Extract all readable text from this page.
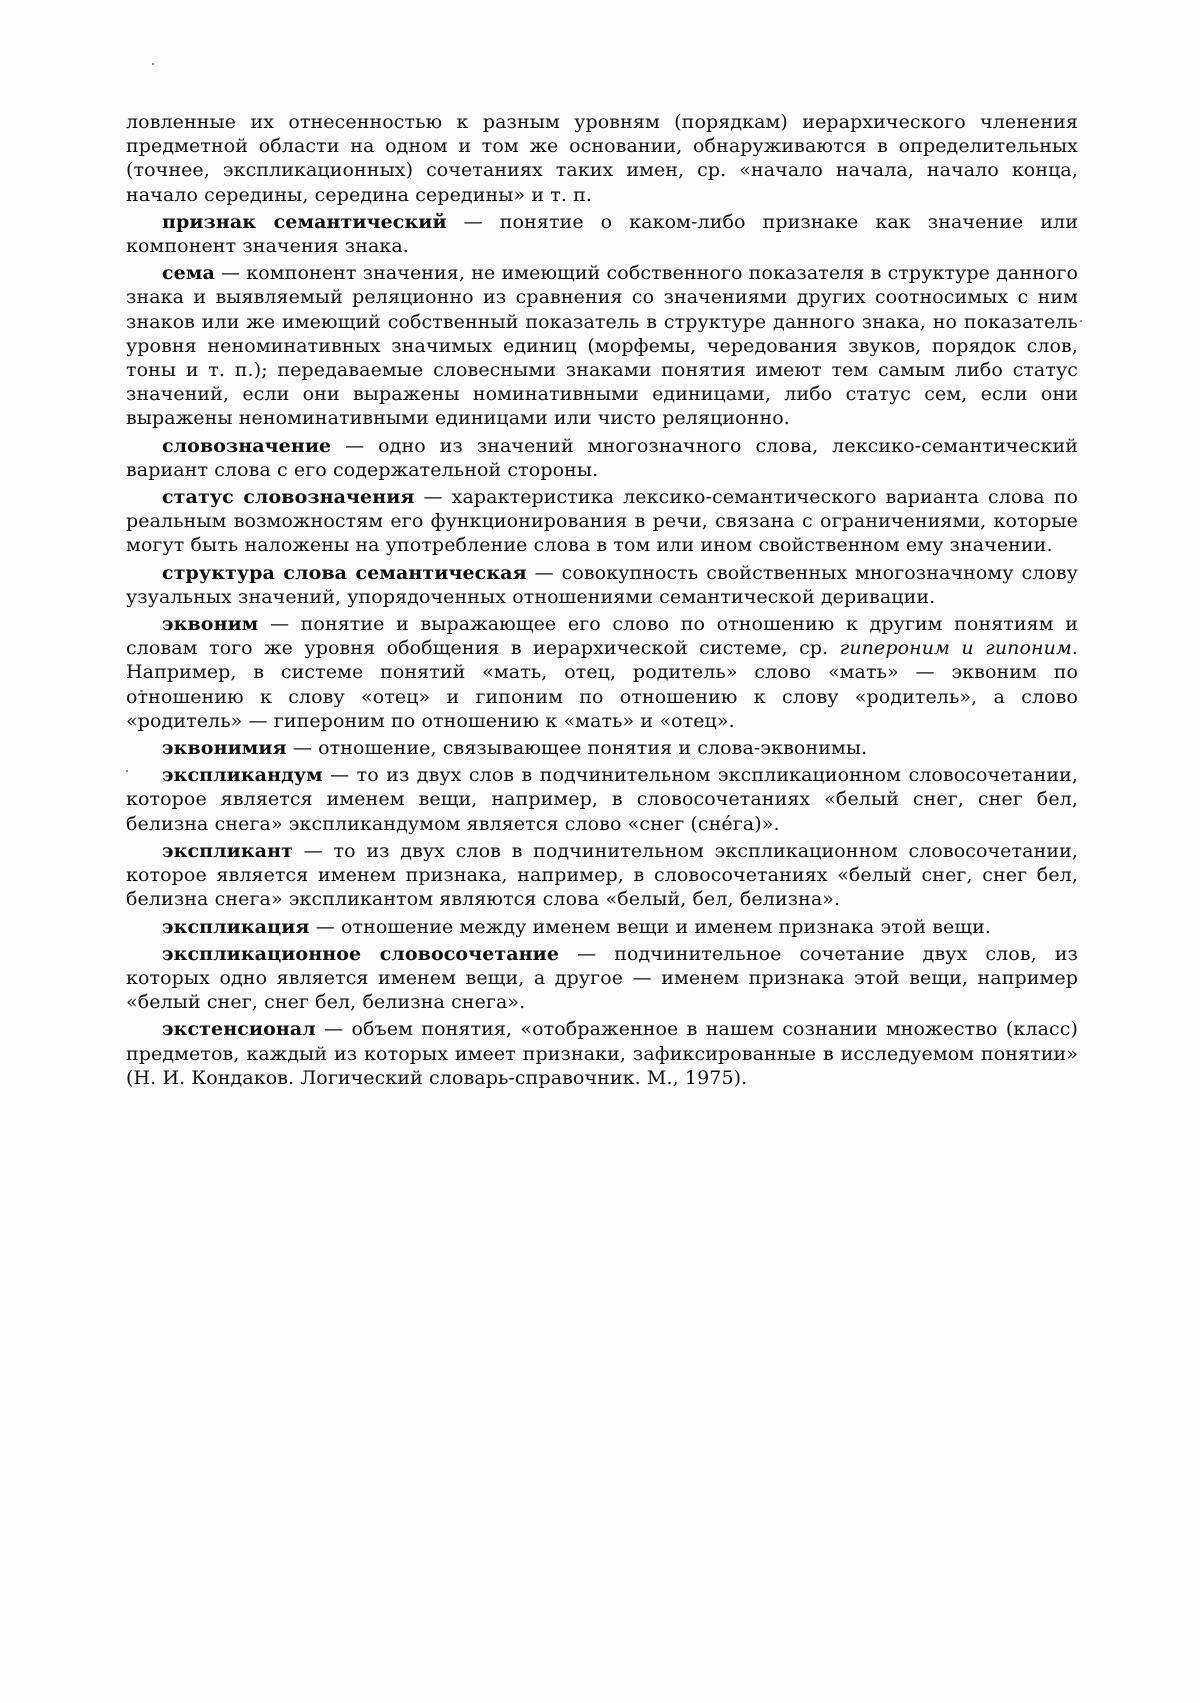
ловленные их отнесенностью к разным уровням (порядкам) иерархического членения предметной области на одном и том же основании, обнаруживаются в определительных (точнее, экспликационных) сочетаниях таких имен, ср. «начало начала, начало конца, начало середины, середина середины» и т. п.

признак семантический — понятие о каком-либо признаке как значение или компонент значения знака.

сема — компонент значения, не имеющий собственного показателя в структуре данного знака и выявляемый реляционно из сравнения со значениями других соотносимых с ним знаков или же имеющий собственный показатель в структуре данного знака, но показатель уровня неноминативных значимых единиц (морфемы, чередования звуков, порядок слов, тоны и т. п.); передаваемые словесными знаками понятия имеют тем самым либо статус значений, если они выражены номинативными единицами, либо статус сем, если они выражены неноминативными единицами или чисто реляционно.

словозначение — одно из значений многозначного слова, лексико-семантический вариант слова с его содержательной стороны.

статус словозначения — характеристика лексико-семантического варианта слова по реальным возможностям его функционирования в речи, связана с ограничениями, которые могут быть наложены на употребление слова в том или ином свойственном ему значении.

структура слова семантическая — совокупность свойственных многозначному слову узуальных значений, упорядоченных отношениями семантической деривации.

эквоним — понятие и выражающее его слово по отношению к другим понятиям и словам того же уровня обобщения в иерархической системе, ср. гипероним и гипоним. Например, в системе понятий «мать, отец, родитель» слово «мать» — эквоним по отношению к слову «отец» и гипоним по отношению к слову «родитель», а слово «родитель» — гипероним по отношению к «мать» и «отец».

эквонимия — отношение, связывающее понятия и слова-эквонимы.

экспликандум — то из двух слов в подчинительном экспликационном словосочетании, которое является именем вещи, например, в словосочетаниях «белый снег, снег бел, белизна снега» экспликандумом является слово «снег (снéга)».

экспликант — то из двух слов в подчинительном экспликационном словосочетании, которое является именем признака, например, в словосочетаниях «белый снег, снег бел, белизна снега» экспликантом являются слова «белый, бел, белизна».

экспликация — отношение между именем вещи и именем признака этой вещи.

экспликационное словосочетание — подчинительное сочетание двух слов, из которых одно является именем вещи, а другое — именем признака этой вещи, например «белый снег, снег бел, белизна снега».

экстенсионал — объем понятия, «отображенное в нашем сознании множество (класс) предметов, каждый из которых имеет признаки, зафиксированные в исследуемом понятии» (Н. И. Кондаков. Логический словарь-справочник. М., 1975).
